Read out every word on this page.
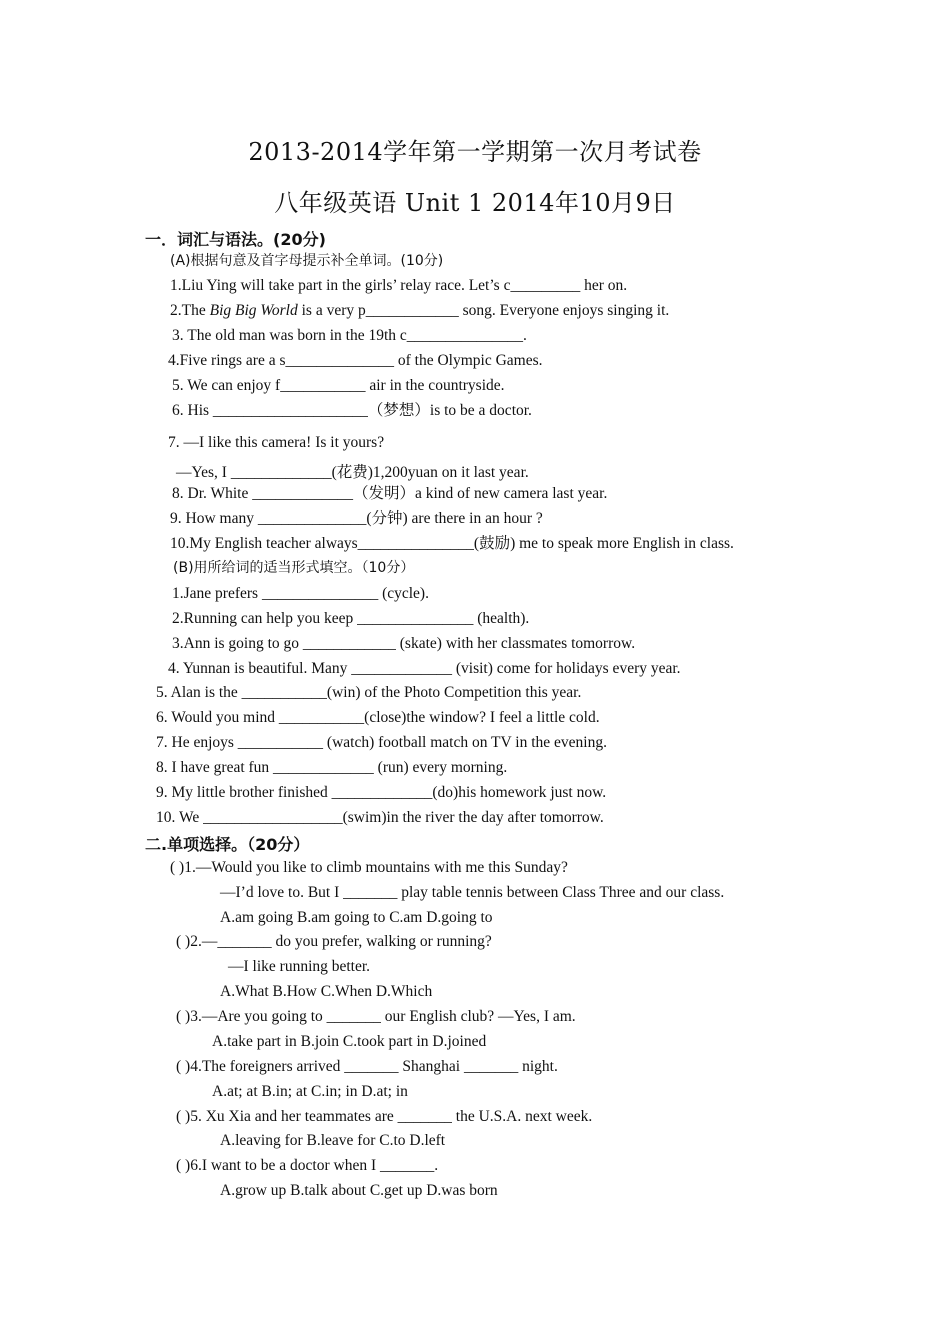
2013-2014学年第一学期第一次月考试卷
八年级英语 Unit 1 2014年10月9日
一．词汇与语法。(20分)
(A)根据句意及首字母提示补全单词。(10分)
1.Liu Ying will take part in the girls’ relay race. Let’s c_________ her on.
2.The Big Big World is a very p____________ song. Everyone enjoys singing it.
3. The old man was born in the 19th c_______________.
4.Five rings are a s______________ of the Olympic Games.
5. We can enjoy f___________ air in the countryside.
6. His ____________________（梦想）is to be a doctor.
7. —I like this camera! Is it yours?
—Yes, I _____________(花费)1,200yuan on it last year.
8. Dr. White _____________（发明）a kind of new camera last year.
9. How many ______________(分钟) are there in an hour ?
10.My English teacher always_______________(鼓励) me to speak more English in class.
(B)用所给词的适当形式填空。（10分）
1.Jane prefers _______________ (cycle).
2.Running can help you keep _______________ (health).
3.Ann is going to go ____________ (skate) with her classmates tomorrow.
4. Yunnan is beautiful. Many _____________ (visit) come for holidays every year.
5. Alan is the ___________(win) of the Photo Competition this year.
6. Would you mind ___________(close)the window? I feel a little cold.
7. He enjoys ___________ (watch) football match on TV in the evening.
8. I have great fun _____________ (run) every morning.
9. My little brother finished _____________(do)his homework just now.
10. We __________________(swim)in the river the day after tomorrow.
二.单项选择。（20分）
( )1.—Would you like to climb mountains with me this Sunday?
—I’d love to. But I _______ play table tennis between Class Three and our class.
A.am going B.am going to C.am D.going to
( )2.—_______ do you prefer, walking or running?
—I like running better.
A.What B.How C.When D.Which
( )3.—Are you going to _______ our English club? —Yes, I am.
A.take part in B.join C.took part in D.joined
( )4.The foreigners arrived _______ Shanghai _______ night.
A.at; at B.in; at C.in; in D.at; in
( )5. Xu Xia and her teammates are _______ the U.S.A. next week.
A.leaving for B.leave for C.to D.left
( )6.I want to be a doctor when I _______.
A.grow up B.talk about C.get up D.was born
